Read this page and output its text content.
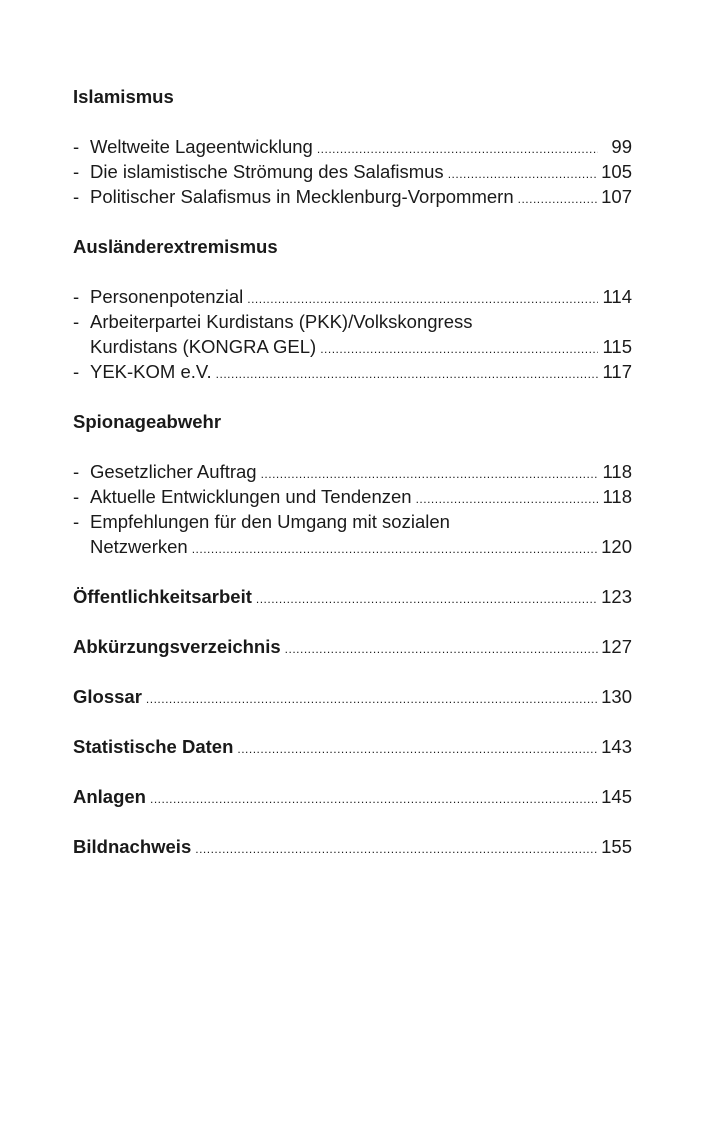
Islamismus
- Weltweite Lageentwicklung .....	99
- Die islamistische Strömung des Salafismus .....	105
- Politischer Salafismus in Mecklenburg-Vorpommern .....	107
Ausländerextremismus
- Personenpotenzial .....	114
- Arbeiterpartei Kurdistans (PKK)/Volkskongress
Kurdistans (KONGRA GEL) .....	115
- YEK-KOM e.V. .....	117
Spionageabwehr
- Gesetzlicher Auftrag .....	118
- Aktuelle Entwicklungen und Tendenzen .....	118
- Empfehlungen für den Umgang mit sozialen
Netzwerken .....	120
Öffentlichkeitsarbeit .....	123
Abkürzungsverzeichnis .....	127
Glossar .....	130
Statistische Daten .....	143
Anlagen .....	145
Bildnachweis .....	155
